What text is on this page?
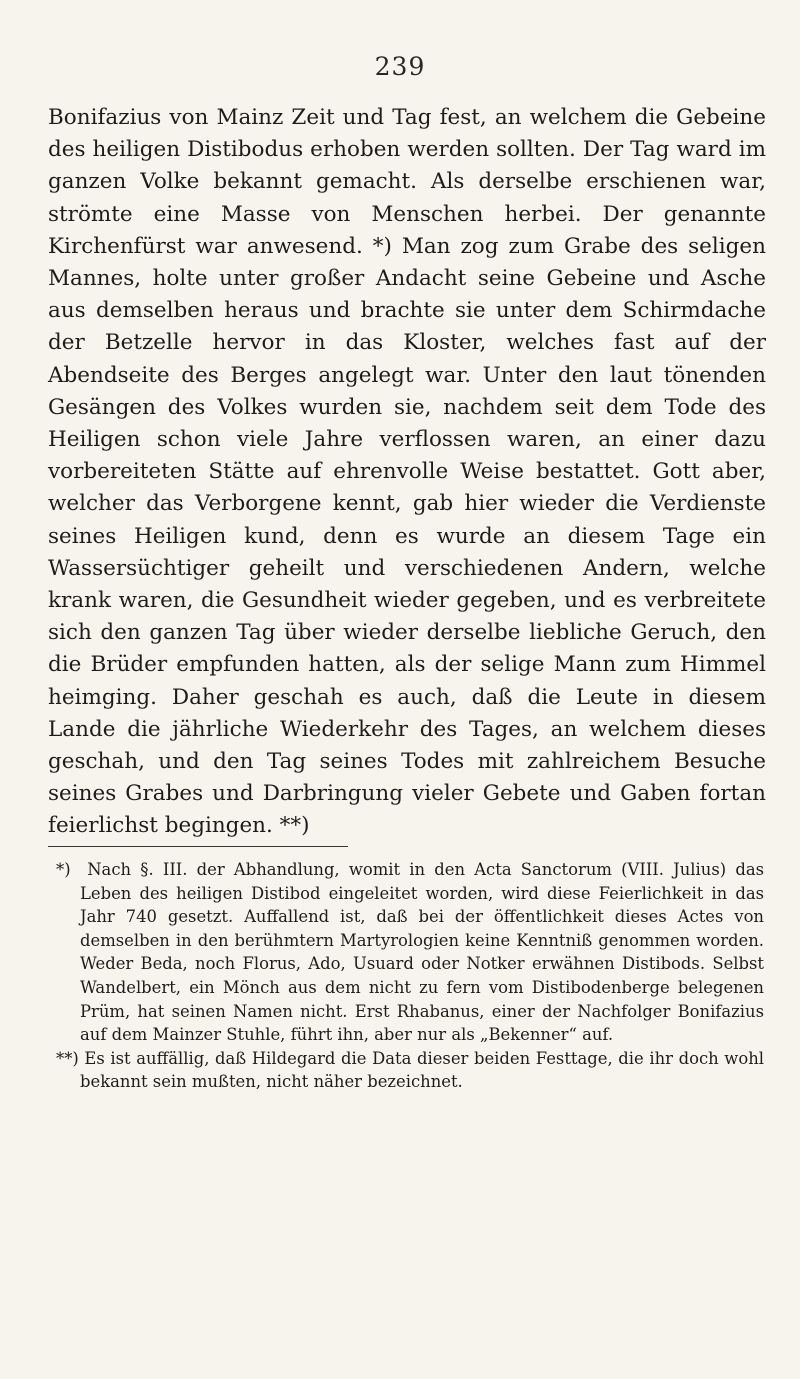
239

Bonifazius von Mainz Zeit und Tag fest, an welchem die Gebeine des heiligen Distibodus erhoben werden sollten. Der Tag ward im ganzen Volke bekannt gemacht. Als derselbe erschienen war, strömte eine Masse von Menschen herbei. Der genannte Kirchenfürst war anwesend. *) Man zog zum Grabe des seligen Mannes, holte unter großer Andacht seine Gebeine und Asche aus demselben heraus und brachte sie unter dem Schirmdache der Betzelle hervor in das Kloster, welches fast auf der Abendseite des Berges angelegt war. Unter den laut tönenden Gesängen des Volkes wurden sie, nachdem seit dem Tode des Heiligen schon viele Jahre verflossen waren, an einer dazu vorbereiteten Stätte auf ehrenvolle Weise bestattet. Gott aber, welcher das Verborgene kennt, gab hier wieder die Verdienste seines Heiligen kund, denn es wurde an diesem Tage ein Wassersüchtiger geheilt und verschiedenen Andern, welche krank waren, die Gesundheit wieder gegeben, und es verbreitete sich den ganzen Tag über wieder derselbe liebliche Geruch, den die Brüder empfunden hatten, als der selige Mann zum Himmel heimging. Daher geschah es auch, daß die Leute in diesem Lande die jährliche Wiederkehr des Tages, an welchem dieses geschah, und den Tag seines Todes mit zahlreichem Besuche seines Grabes und Darbringung vieler Gebete und Gaben fortan feierlichst begingen. **)

*) Nach §. III. der Abhandlung, womit in den Acta Sanctorum (VIII. Julius) das Leben des heiligen Distibod eingeleitet worden, wird diese Feierlichkeit in das Jahr 740 gesetzt. Auffallend ist, daß bei der öffentlichkeit dieses Actes von demselben in den berühmtern Martyrologien keine Kenntniß genommen worden. Weder Beda, noch Florus, Ado, Usuard oder Notker erwähnen Distibods. Selbst Wandelbert, ein Mönch aus dem nicht zu fern vom Distibodenberge belegenen Prüm, hat seinen Namen nicht. Erst Rhabanus, einer der Nachfolger Bonifazius auf dem Mainzer Stuhle, führt ihn, aber nur als „Bekenner“ auf.

**) Es ist auffällig, daß Hildegard die Data dieser beiden Festtage, die ihr doch wohl bekannt sein mußten, nicht näher bezeichnet.
